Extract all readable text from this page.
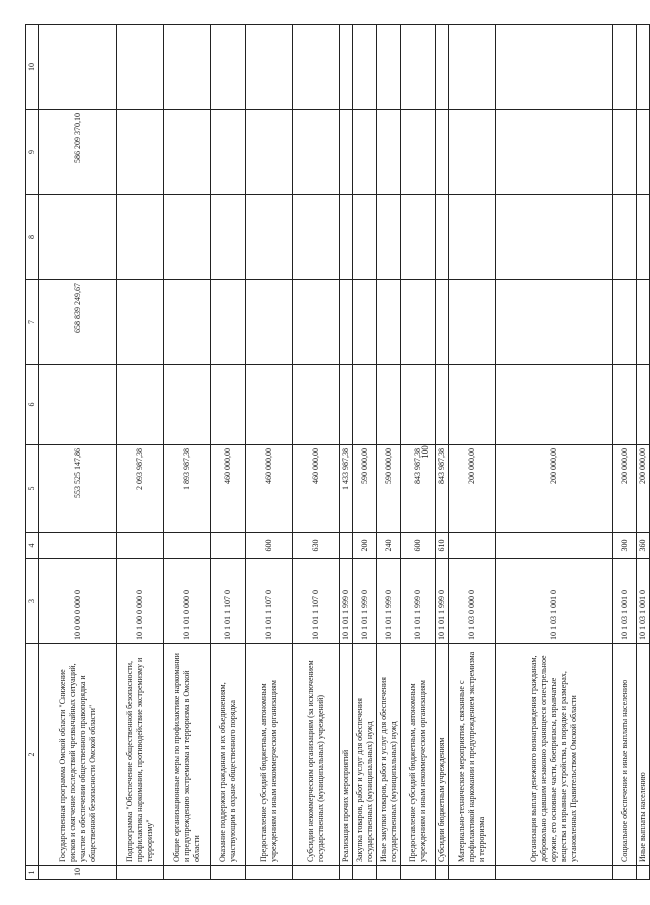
100
1	2	3	4	5	6	7	8	9	10
10	Государственная программа Омской области "Снижение рисков и смягчение последствий чрезвычайных ситуаций, участие в обеспечении общественного правопорядка и общественной безопасности Омской области"	10 0 00 0 000 0		553 525 147,86		658 839 249,67		586 209 370,10	
	Подпрограмма "Обеспечение общественной безопасности, профилактика наркомании, противодействие экстремизму и терроризму"	10 1 00 0 000 0		2 093 987,38					
	Общие организационные меры по профилактике наркомании и предупреждению экстремизма и терроризма в Омской области	10 1 01 0 000 0		1 893 987,38					
	Оказание поддержки гражданам и их объединениям, участвующим в охране общественного порядка	10 1 01 1 107 0		460 000,00					
	Предоставление субсидий бюджетным, автономным учреждениям и иным некоммерческим организациям	10 1 01 1 107 0	600	460 000,00					
	Субсидии некоммерческим организациям (за исключением государственных (муниципальных) учреждений)	10 1 01 1 107 0	630	460 000,00					
	Реализация прочих мероприятий	10 1 01 1 999 0		1 433 987,38					
	Закупка товаров, работ и услуг для обеспечения государственных (муниципальных) нужд	10 1 01 1 999 0	200	590 000,00					
	Иные закупки товаров, работ и услуг для обеспечения государственных (муниципальных) нужд	10 1 01 1 999 0	240	590 000,00					
	Предоставление субсидий бюджетным, автономным учреждениям и иным некоммерческим организациям	10 1 01 1 999 0	600	843 987,38					
	Субсидии бюджетным учреждениям	10 1 01 1 999 0	610	843 987,38					
	Материально-технические мероприятия, связанные с профилактикой наркомании и предупреждением экстремизма и терроризма	10 1 03 0 000 0		200 000,00					
	Организация выплат денежного вознаграждения гражданам, добровольно сдавшим незаконно хранящееся огнестрельное оружие, его основные части, боеприпасы, взрывчатые вещества и взрывные устройства, в порядке и размерах, установленных Правительством Омской области	10 1 03 1 001 0		200 000,00					
	Социальное обеспечение и иные выплаты населению	10 1 03 1 001 0	300	200 000,00					
	Иные выплаты населению	10 1 03 1 001 0	360	200 000,00					
